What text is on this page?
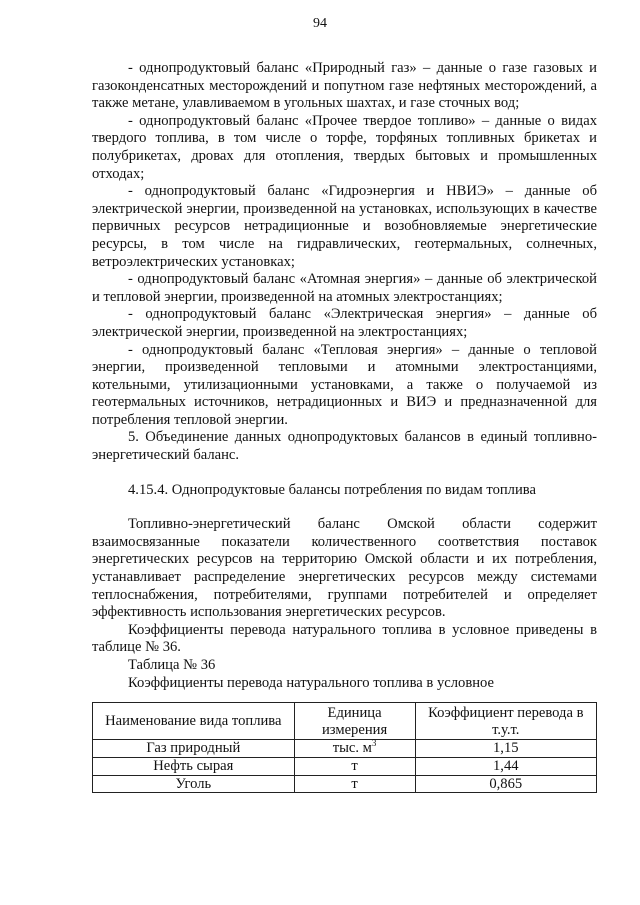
94

- однопродуктовый баланс «Природный газ» – данные о газе газовых и газоконденсатных месторождений и попутном газе нефтяных месторождений, а также метане, улавливаемом в угольных шахтах, и газе сточных вод;

- однопродуктовый баланс «Прочее твердое топливо» – данные о видах твердого топлива, в том числе о торфе, торфяных топливных брикетах и полубрикетах, дровах для отопления, твердых бытовых и промышленных отходах;

- однопродуктовый баланс «Гидроэнергия и НВИЭ» – данные об электрической энергии, произведенной на установках, использующих в качестве первичных ресурсов нетрадиционные и возобновляемые энергетические ресурсы, в том числе на гидравлических, геотермальных, солнечных, ветроэлектрических установках;

- однопродуктовый баланс «Атомная энергия» – данные об электрической и тепловой энергии, произведенной на атомных электростанциях;

- однопродуктовый баланс «Электрическая энергия» – данные об электрической энергии, произведенной на электростанциях;

- однопродуктовый баланс «Тепловая энергия» – данные о тепловой энергии, произведенной тепловыми и атомными электростанциями, котельными, утилизационными установками, а также о получаемой из геотермальных источников, нетрадиционных и ВИЭ и предназначенной для потребления тепловой энергии.

5. Объединение данных однопродуктовых балансов в единый топливно-энергетический баланс.

4.15.4. Однопродуктовые балансы потребления по видам топлива

Топливно-энергетический баланс Омской области содержит взаимосвязанные показатели количественного соответствия поставок энергетических ресурсов на территорию Омской области и их потребления, устанавливает распределение энергетических ресурсов между системами теплоснабжения, потребителями, группами потребителей и определяет эффективность использования энергетических ресурсов.

Коэффициенты перевода натурального топлива в условное приведены в таблице № 36.

Таблица № 36

Коэффициенты перевода натурального топлива в условное

Наименование вида топлива	Единица измерения	Коэффициент перевода в т.у.т.
Газ природный	тыс. $м^3$	1,15
Нефть сырая	т	1,44
Уголь	т	0,865
